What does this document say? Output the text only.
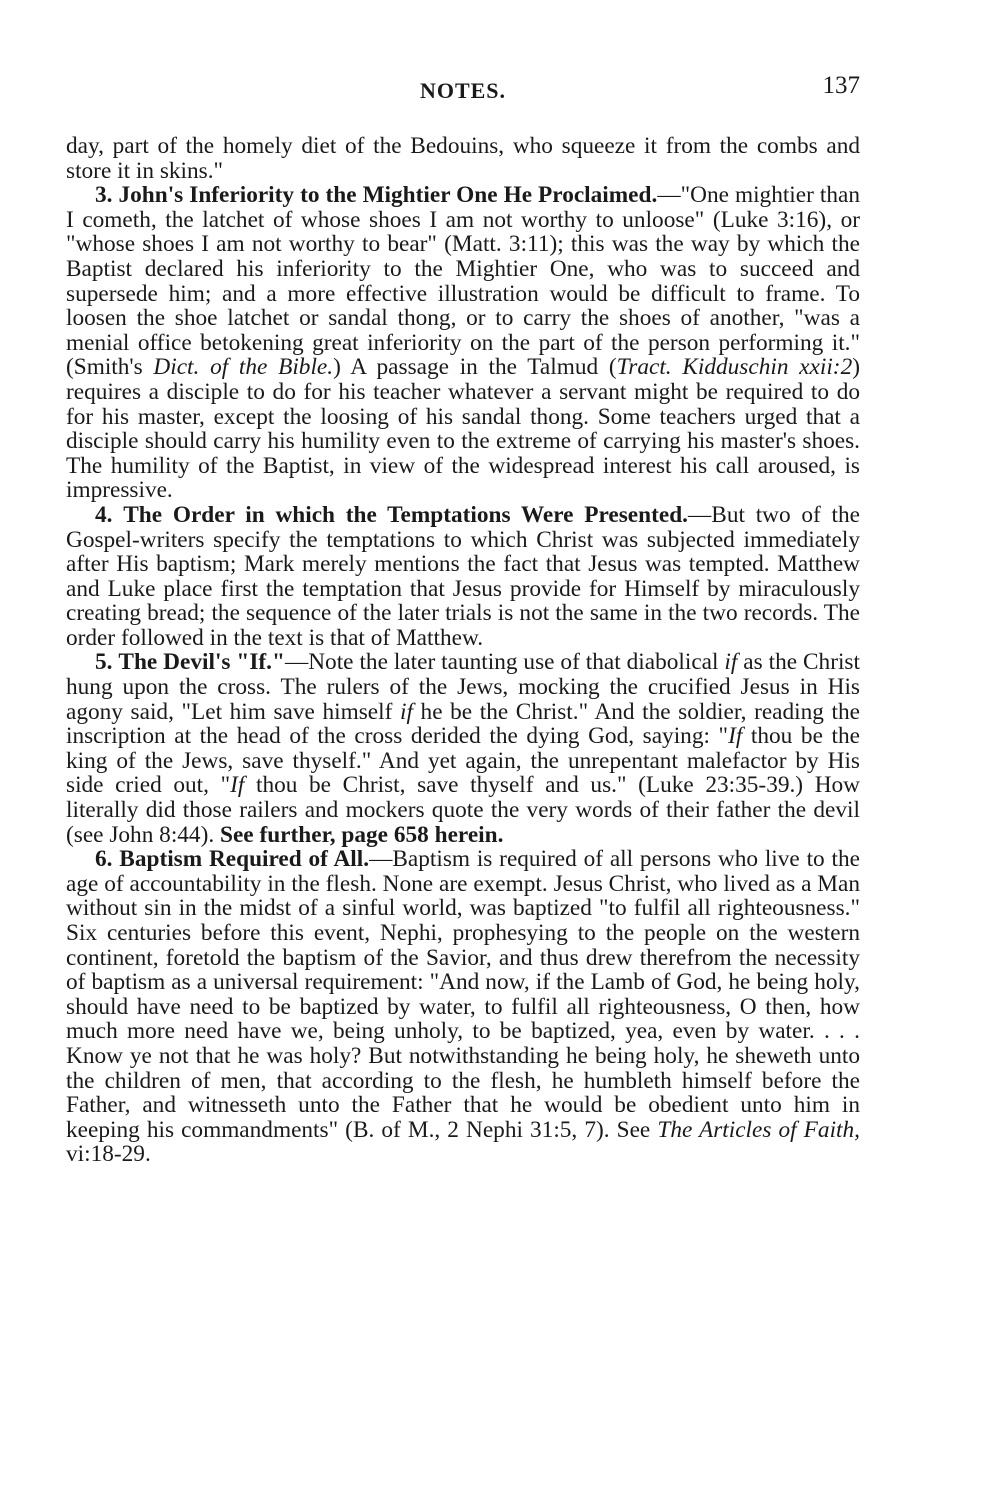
NOTES.	137

day, part of the homely diet of the Bedouins, who squeeze it from the combs and store it in skins."

3. John's Inferiority to the Mightier One He Proclaimed.—"One mightier than I cometh, the latchet of whose shoes I am not worthy to unloose" (Luke 3:16), or "whose shoes I am not worthy to bear" (Matt. 3:11); this was the way by which the Baptist declared his inferiority to the Mightier One, who was to succeed and supersede him; and a more effective illustration would be difficult to frame. To loosen the shoe latchet or sandal thong, or to carry the shoes of another, "was a menial office betokening great inferiority on the part of the person performing it." (Smith's Dict. of the Bible.) A passage in the Talmud (Tract. Kidduschin xxii:2) requires a disciple to do for his teacher whatever a servant might be required to do for his master, except the loosing of his sandal thong. Some teachers urged that a disciple should carry his humility even to the extreme of carrying his master's shoes. The humility of the Baptist, in view of the widespread interest his call aroused, is impressive.

4. The Order in which the Temptations Were Presented.—But two of the Gospel-writers specify the temptations to which Christ was subjected immediately after His baptism; Mark merely mentions the fact that Jesus was tempted. Matthew and Luke place first the temptation that Jesus provide for Himself by miraculously creating bread; the sequence of the later trials is not the same in the two records. The order followed in the text is that of Matthew.

5. The Devil's "If."—Note the later taunting use of that diabolical if as the Christ hung upon the cross. The rulers of the Jews, mocking the crucified Jesus in His agony said, "Let him save himself if he be the Christ." And the soldier, reading the inscription at the head of the cross derided the dying God, saying: "If thou be the king of the Jews, save thyself." And yet again, the unrepentant malefactor by His side cried out, "If thou be Christ, save thyself and us." (Luke 23:35-39.) How literally did those railers and mockers quote the very words of their father the devil (see John 8:44). See further, page 658 herein.

6. Baptism Required of All.—Baptism is required of all persons who live to the age of accountability in the flesh. None are exempt. Jesus Christ, who lived as a Man without sin in the midst of a sinful world, was baptized "to fulfil all righteousness." Six centuries before this event, Nephi, prophesying to the people on the western continent, foretold the baptism of the Savior, and thus drew therefrom the necessity of baptism as a universal requirement: "And now, if the Lamb of God, he being holy, should have need to be baptized by water, to fulfil all righteousness, O then, how much more need have we, being unholy, to be baptized, yea, even by water. . . . Know ye not that he was holy? But notwithstanding he being holy, he sheweth unto the children of men, that according to the flesh, he humbleth himself before the Father, and witnesseth unto the Father that he would be obedient unto him in keeping his commandments" (B. of M., 2 Nephi 31:5, 7). See The Articles of Faith, vi:18-29.
